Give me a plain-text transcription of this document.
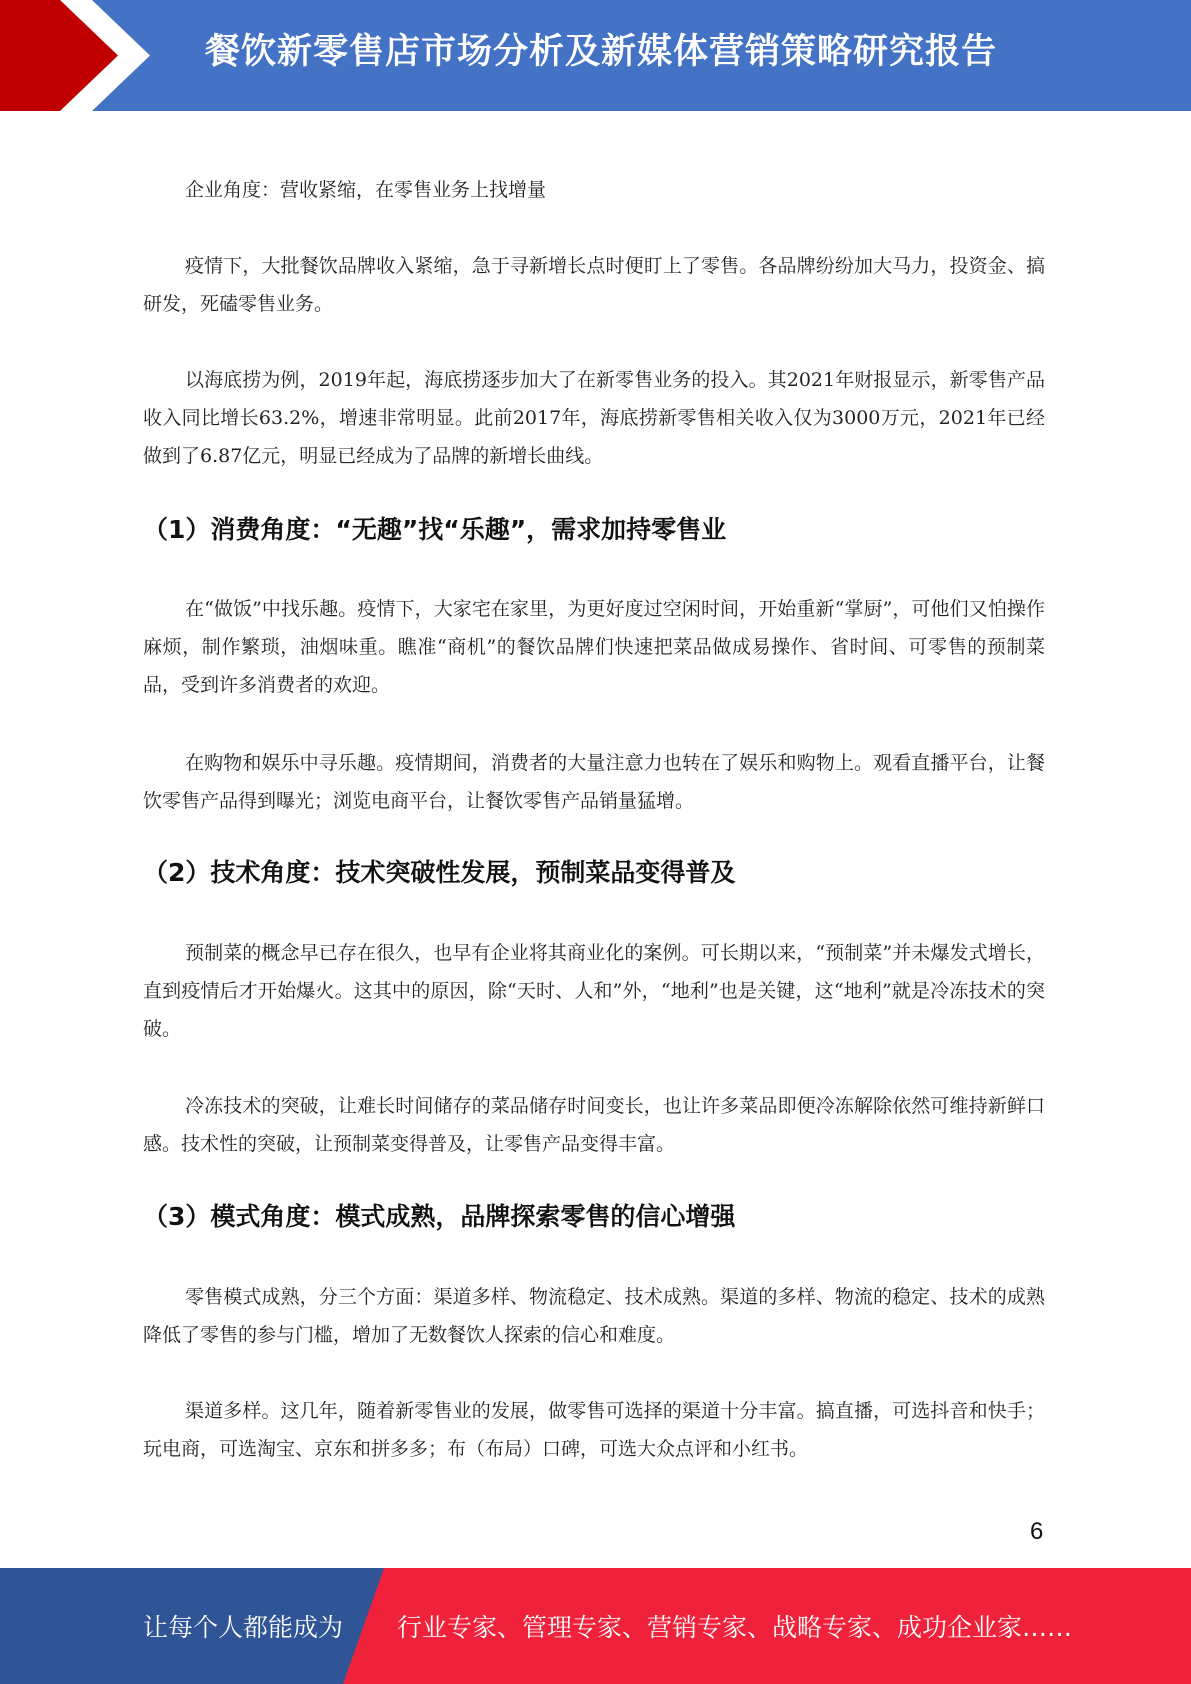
餐饮新零售店市场分析及新媒体营销策略研究报告

企业角度：营收紧缩，在零售业务上找增量

疫情下，大批餐饮品牌收入紧缩，急于寻新增长点时便盯上了零售。各品牌纷纷加大马力，投资金、搞研发，死磕零售业务。

以海底捞为例，2019年起，海底捞逐步加大了在新零售业务的投入。其2021年财报显示，新零售产品收入同比增长63.2%，增速非常明显。此前2017年，海底捞新零售相关收入仅为3000万元，2021年已经做到了6.87亿元，明显已经成为了品牌的新增长曲线。

（1）消费角度：“无趣”找“乐趣”，需求加持零售业

在“做饭”中找乐趣。疫情下，大家宅在家里，为更好度过空闲时间，开始重新“掌厨”，可他们又怕操作麻烦，制作繁琐，油烟味重。瞧准“商机”的餐饮品牌们快速把菜品做成易操作、省时间、可零售的预制菜品，受到许多消费者的欢迎。

在购物和娱乐中寻乐趣。疫情期间，消费者的大量注意力也转在了娱乐和购物上。观看直播平台，让餐饮零售产品得到曝光；浏览电商平台，让餐饮零售产品销量猛增。

（2）技术角度：技术突破性发展，预制菜品变得普及

预制菜的概念早已存在很久，也早有企业将其商业化的案例。可长期以来，“预制菜”并未爆发式增长，直到疫情后才开始爆火。这其中的原因，除“天时、人和”外，“地利”也是关键，这“地利”就是冷冻技术的突破。

冷冻技术的突破，让难长时间储存的菜品储存时间变长，也让许多菜品即便冷冻解除依然可维持新鲜口感。技术性的突破，让预制菜变得普及，让零售产品变得丰富。

（3）模式角度：模式成熟，品牌探索零售的信心增强

零售模式成熟，分三个方面：渠道多样、物流稳定、技术成熟。渠道的多样、物流的稳定、技术的成熟降低了零售的参与门槛，增加了无数餐饮人探索的信心和难度。

渠道多样。这几年，随着新零售业的发展，做零售可选择的渠道十分丰富。搞直播，可选抖音和快手；玩电商，可选淘宝、京东和拼多多；布（布局）口碑，可选大众点评和小红书。

6
让每个人都能成为 行业专家、管理专家、营销专家、战略专家、成功企业家……
